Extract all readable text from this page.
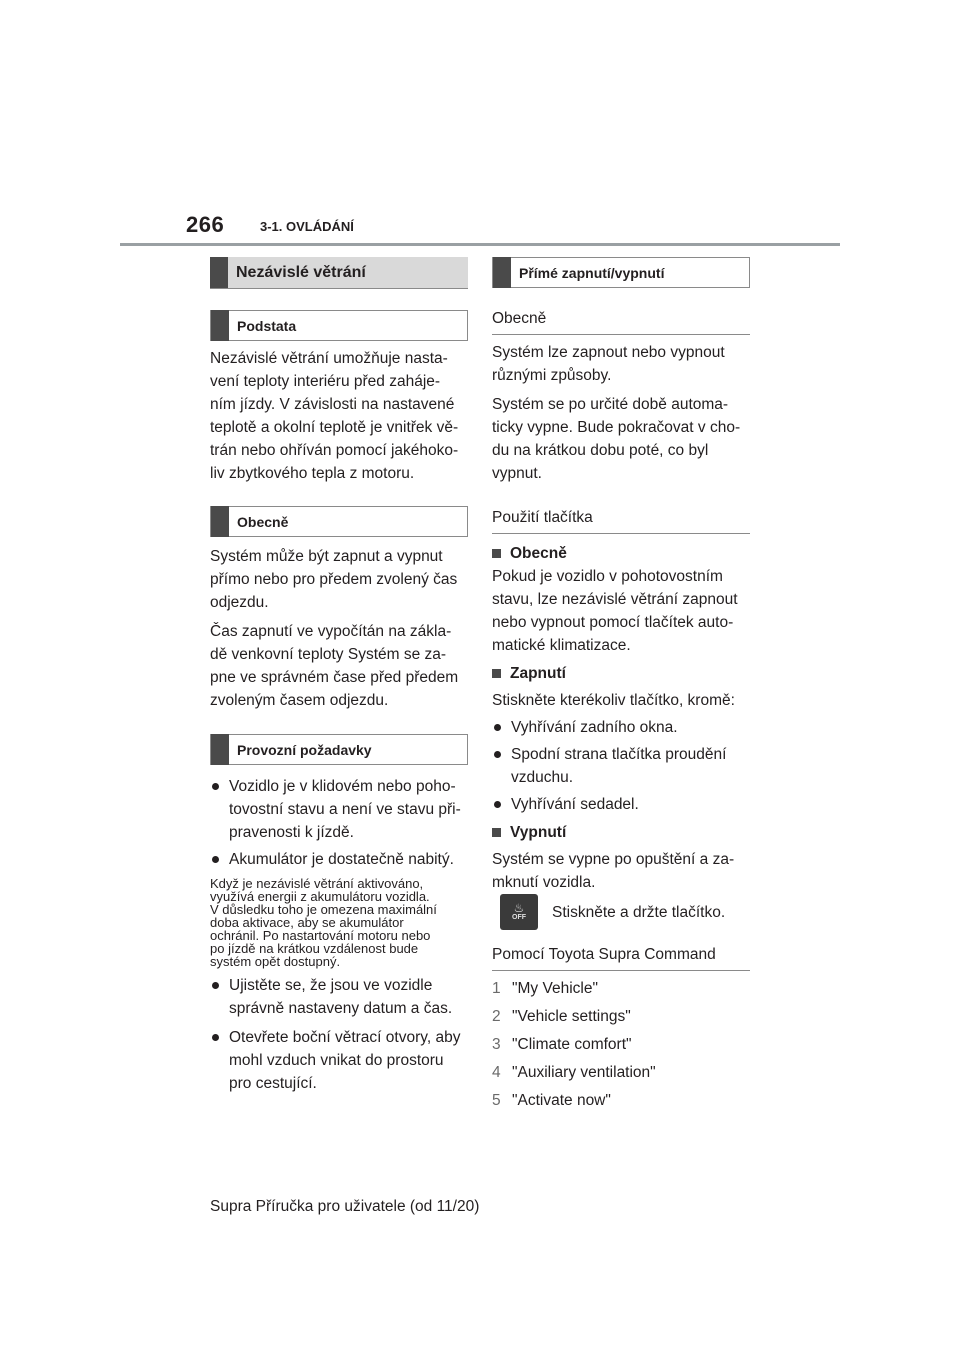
266	3-1. OVLÁDÁNÍ
Nezávislé větrání
Podstata

Nezávislé větrání umožňuje nasta-

vení teploty interiéru před zahájе-

ním jízdy. V závislosti na nastavené

teplotě a okolní teplotě je vnitřek vě-

trán nebo ohříván pomocí jakéhoko-

liv zbytkového tepla z motoru.

Obecně

Systém může být zapnut a vypnut

přímo nebo pro předem zvolený čas

odjezdu.

Čas zapnutí ve vypočítán na zákla-

dě venkovní teploty Systém se za-

pne ve správném čase před předem

zvoleným časem odjezdu.

Provozní požadavky
Vozidlo je v klidovém nebo poho-
tovostní stavu a není ve stavu při-
pravenosti k jízdě.
Akumulátor je dostatečně nabitý.

Když je nezávislé větrání aktivováno,

využívá energii z akumulátoru vozidla.

V důsledku toho je omezena maximální

doba aktivace, aby se akumulátor

ochránil. Po nastartování motoru nebo

po jízdě na krátkou vzdálenost bude

systém opět dostupný.

Ujistěte se, že jsou ve vozidle
správně nastaveny datum a čas.
Otevřete boční větrací otvory, aby
mohl vzduch vnikat do prostoru
pro cestující.
Přímé zapnutí/vypnutí
Obecně

Systém lze zapnout nebo vypnout

různými způsoby.

Systém se po určité době automa-

ticky vypne. Bude pokračovat v cho-

du na krátkou dobu poté, co byl

vypnut.

Použití tlačítka
Obecně

Pokud je vozidlo v pohotovostním

stavu, lze nezávislé větrání zapnout

nebo vypnout pomocí tlačítek auto-

matické klimatizace.

Zapnutí

Stiskněte kterékoliv tlačítko, kromě:

Vyhřívání zadního okna.
Spodní strana tlačítka proudění
vzduchu.
Vyhřívání sedadel.
Vypnutí

Systém se vypne po opuštění a za-

mknutí vozidla.

♨
OFF Stiskněte a držte tlačítko.

Pomocí Toyota Supra Command
1 "My Vehicle"
2 "Vehicle settings"
3 "Climate comfort"
4 "Auxiliary ventilation"
5 "Activate now"
Supra Příručka pro uživatele (od 11/20)
